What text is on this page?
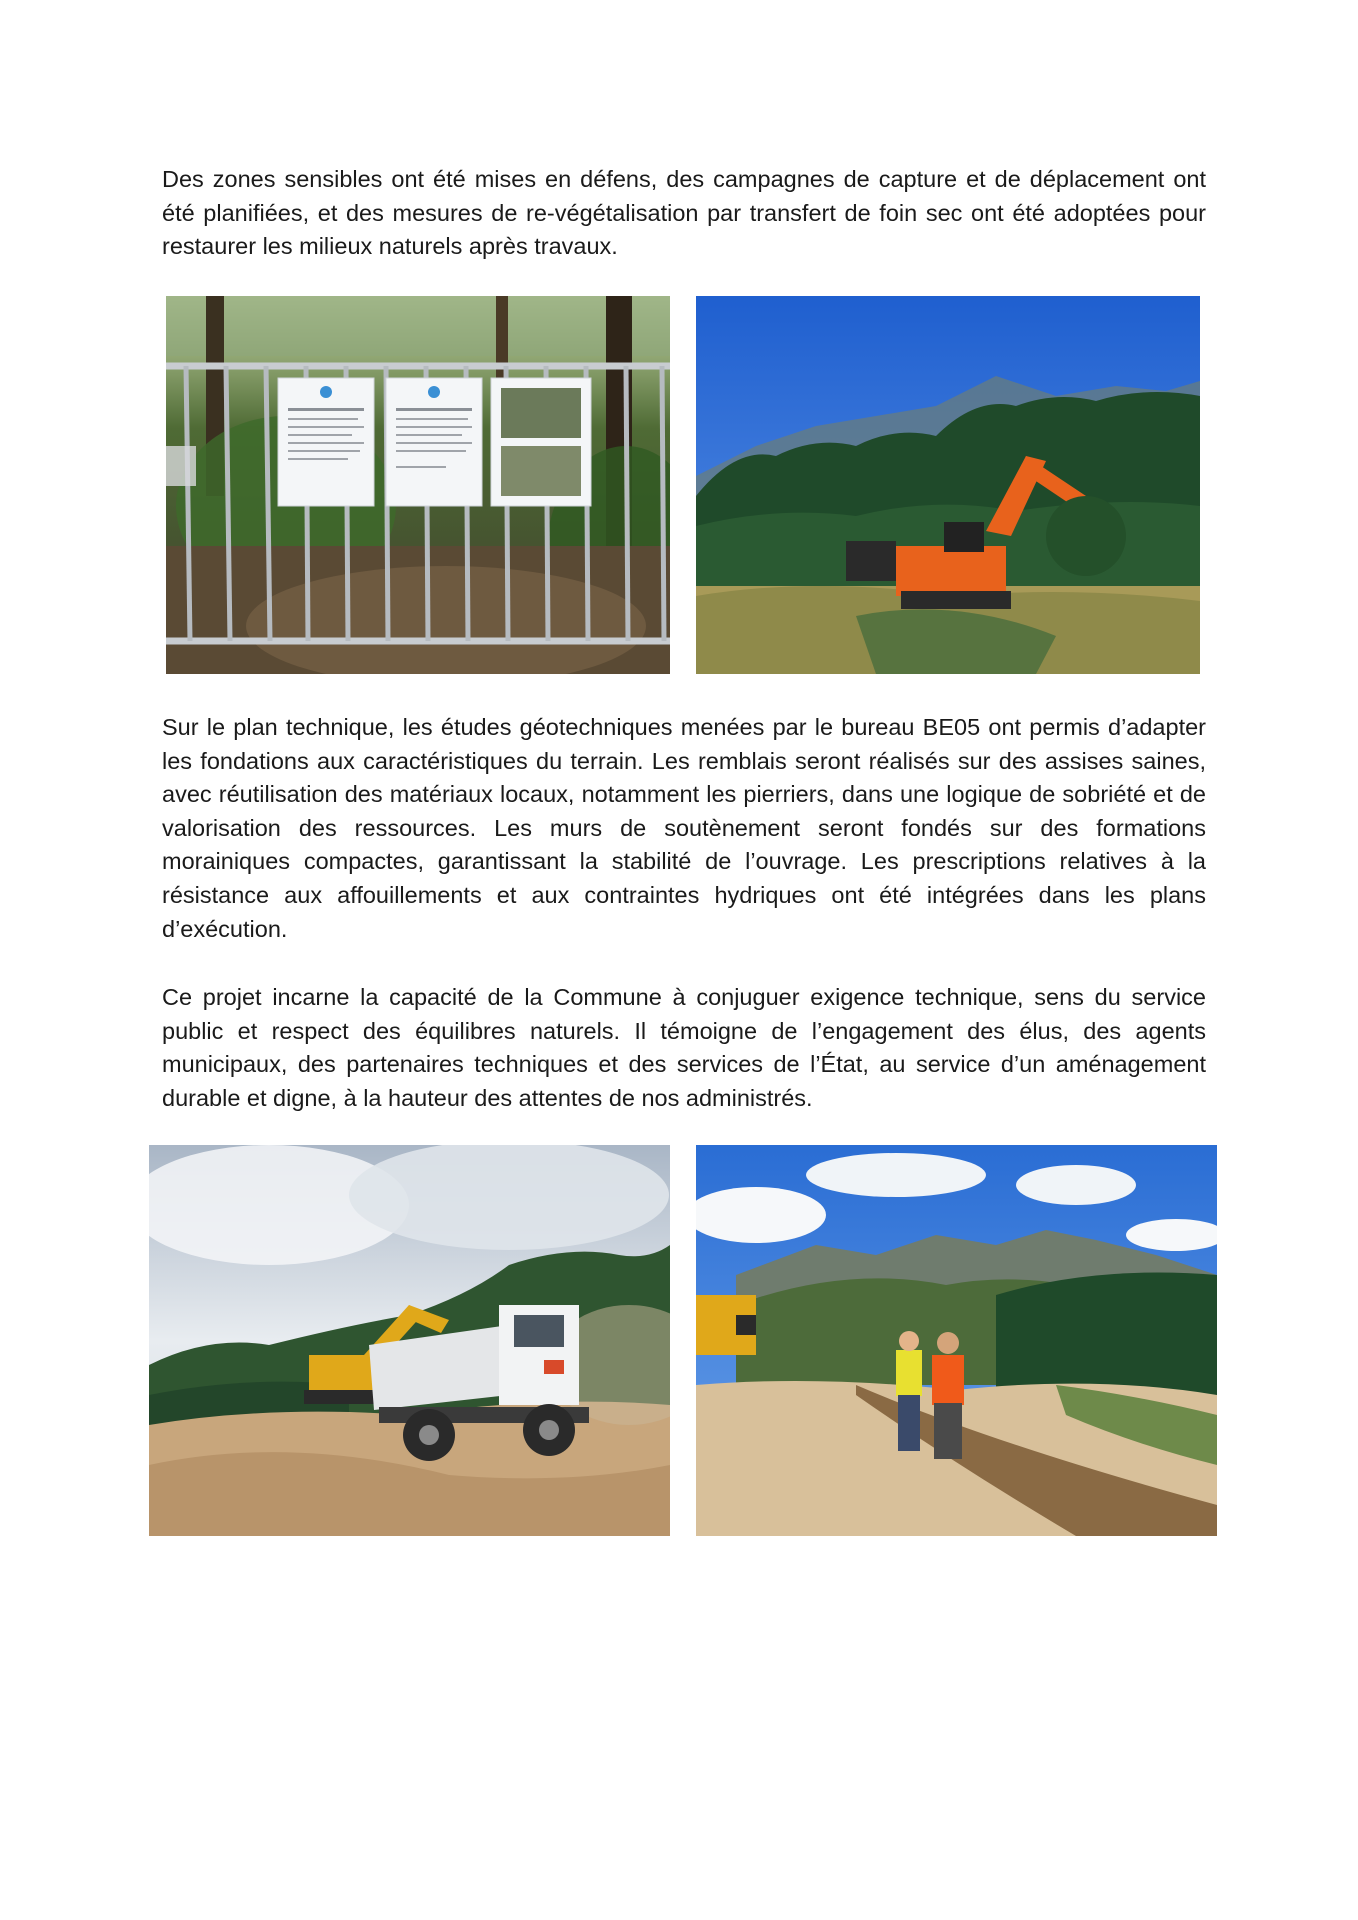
Des zones sensibles ont été mises en défens, des campagnes de capture et de déplacement ont été planifiées, et des mesures de re-végétalisation par transfert de foin sec ont été adoptées pour restaurer les milieux naturels après travaux.

Sur le plan technique, les études géotechniques menées par le bureau BE05 ont permis d’adapter les fondations aux caractéristiques du terrain. Les remblais seront réalisés sur des assises saines, avec réutilisation des matériaux locaux, notamment les pierriers, dans une logique de sobriété et de valorisation des ressources. Les murs de soutènement seront fondés sur des formations morainiques compactes, garantissant la stabilité de l’ouvrage. Les prescriptions relatives à la résistance aux affouillements et aux contraintes hydriques ont été intégrées dans les plans d’exécution.

Ce projet incarne la capacité de la Commune à conjuguer exigence technique, sens du service public et respect des équilibres naturels. Il témoigne de l’engagement des élus, des agents municipaux, des partenaires techniques et des services de l’État, au service d’un aménagement durable et digne, à la hauteur des attentes de nos administrés.
